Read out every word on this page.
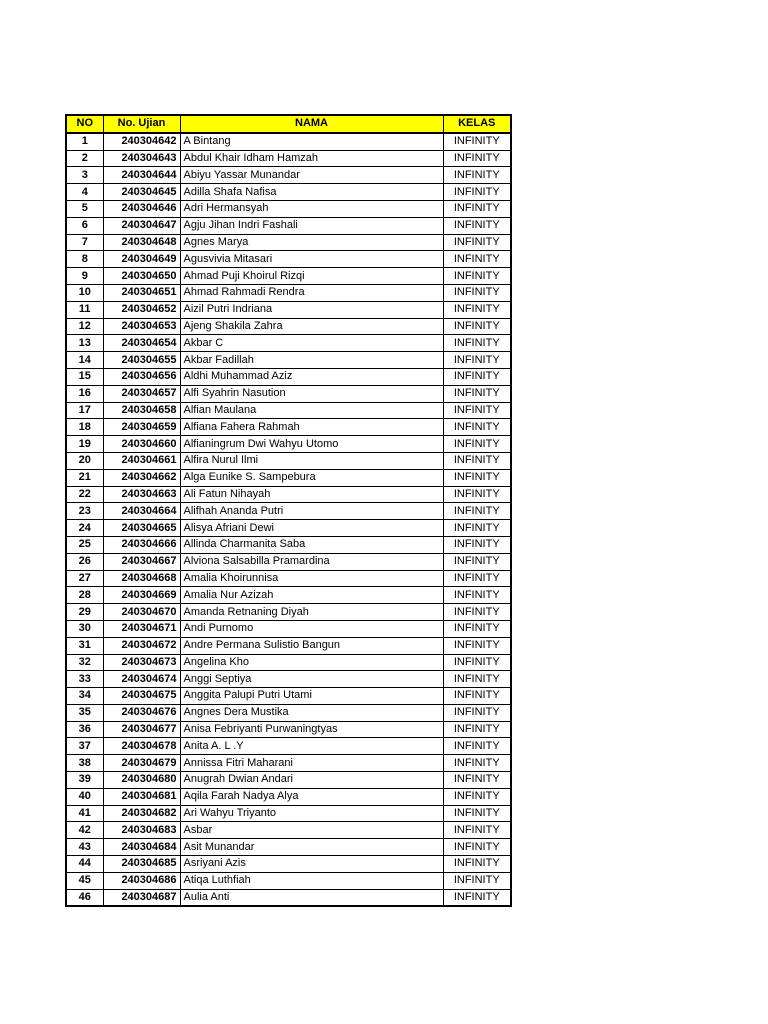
NO	No. Ujian	NAMA	KELAS
1	240304642	A Bintang	INFINITY
2	240304643	Abdul Khair Idham Hamzah	INFINITY
3	240304644	Abiyu Yassar Munandar	INFINITY
4	240304645	Adilla Shafa Nafisa	INFINITY
5	240304646	Adri Hermansyah	INFINITY
6	240304647	Agju Jihan Indri Fashali	INFINITY
7	240304648	Agnes Marya	INFINITY
8	240304649	Agusvivia Mitasari	INFINITY
9	240304650	Ahmad Puji Khoirul Rizqi	INFINITY
10	240304651	Ahmad Rahmadi Rendra	INFINITY
11	240304652	Aizil Putri Indriana	INFINITY
12	240304653	Ajeng Shakila Zahra	INFINITY
13	240304654	Akbar C	INFINITY
14	240304655	Akbar Fadillah	INFINITY
15	240304656	Aldhi Muhammad Aziz	INFINITY
16	240304657	Alfi Syahrin Nasution	INFINITY
17	240304658	Alfian Maulana	INFINITY
18	240304659	Alfiana Fahera Rahmah	INFINITY
19	240304660	Alfianingrum Dwi Wahyu Utomo	INFINITY
20	240304661	Alfira Nurul Ilmi	INFINITY
21	240304662	Alga Eunike S. Sampebura	INFINITY
22	240304663	Ali Fatun Nihayah	INFINITY
23	240304664	Alifhah Ananda Putri	INFINITY
24	240304665	Alisya Afriani Dewi	INFINITY
25	240304666	Allinda Charmanita Saba	INFINITY
26	240304667	Alviona Salsabilla Pramardina	INFINITY
27	240304668	Amalia Khoirunnisa	INFINITY
28	240304669	Amalia Nur Azizah	INFINITY
29	240304670	Amanda Retnaning Diyah	INFINITY
30	240304671	Andi Purnomo	INFINITY
31	240304672	Andre Permana Sulistio Bangun	INFINITY
32	240304673	Angelina Kho	INFINITY
33	240304674	Anggi Septiya	INFINITY
34	240304675	Anggita Palupi Putri Utami	INFINITY
35	240304676	Angnes Dera Mustika	INFINITY
36	240304677	Anisa Febriyanti Purwaningtyas	INFINITY
37	240304678	Anita A. L .Y	INFINITY
38	240304679	Annissa Fitri Maharani	INFINITY
39	240304680	Anugrah Dwian Andari	INFINITY
40	240304681	Aqila Farah Nadya Alya	INFINITY
41	240304682	Ari Wahyu Triyanto	INFINITY
42	240304683	Asbar	INFINITY
43	240304684	Asit Munandar	INFINITY
44	240304685	Asriyani Azis	INFINITY
45	240304686	Atiqa Luthfiah	INFINITY
46	240304687	Aulia Anti	INFINITY
